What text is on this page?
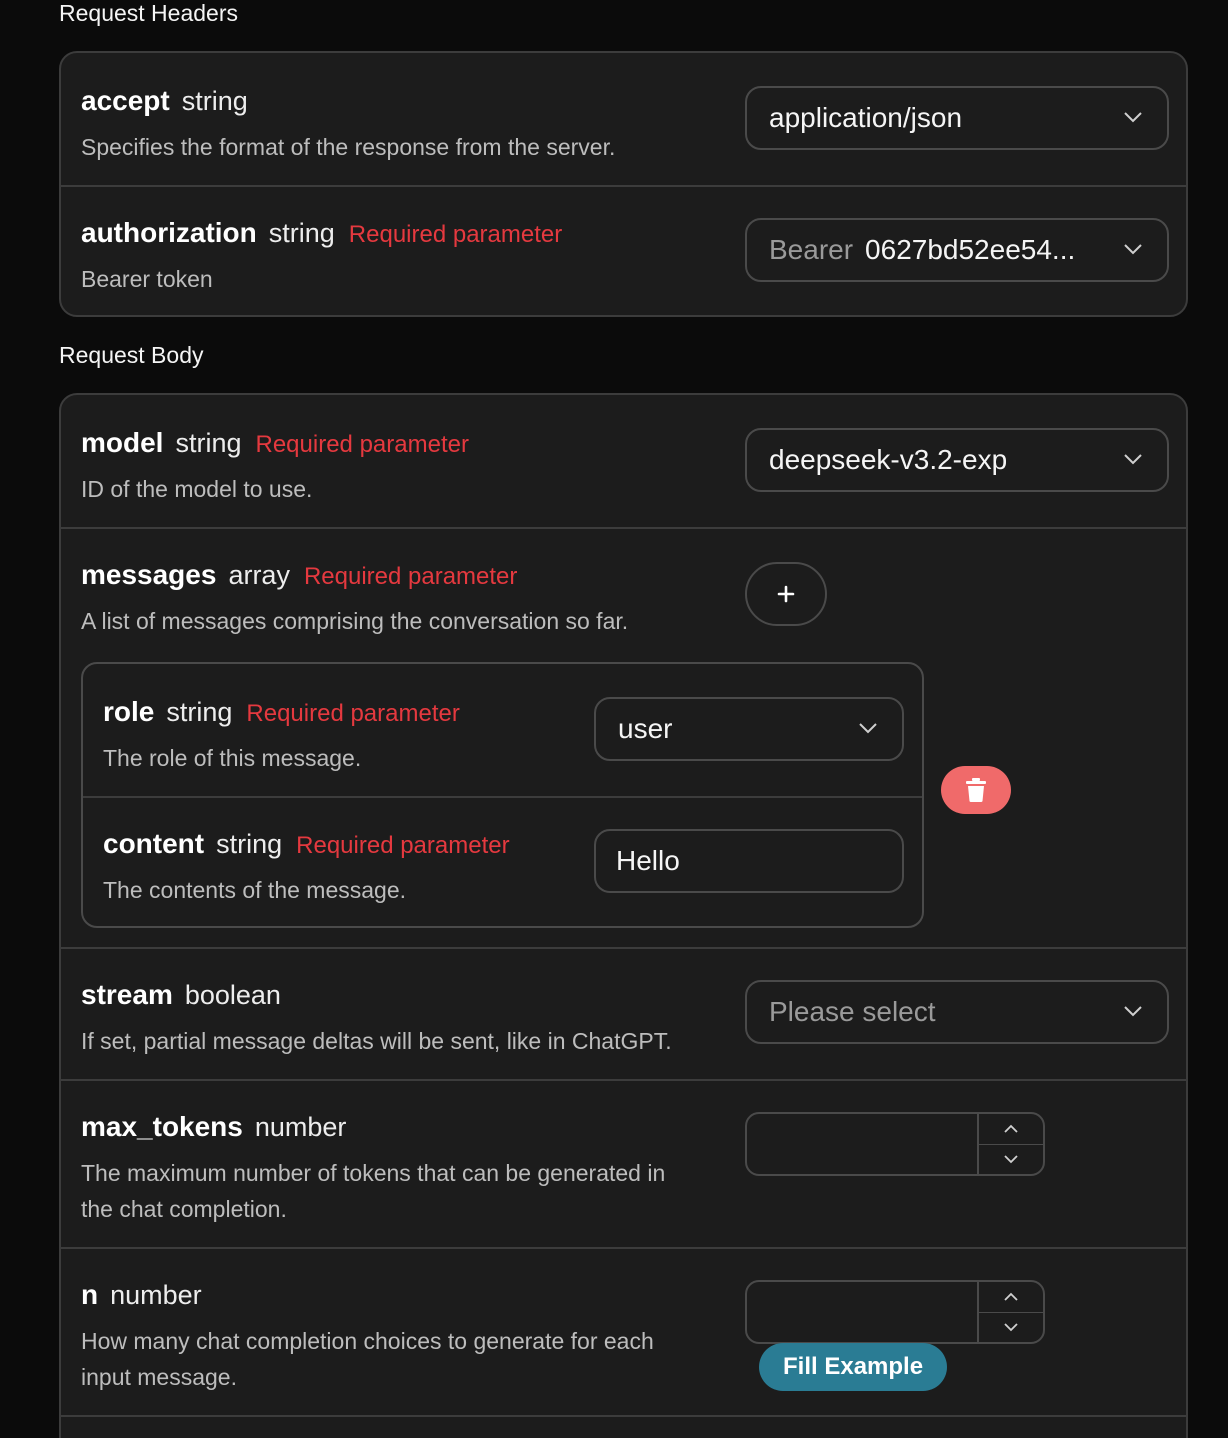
Request Headers
accept string
Specifies the format of the response from the server.
application/json
authorization string Required parameter
Bearer token
Bearer 0627bd52ee54...
Request Body
model string Required parameter
ID of the model to use.
deepseek-v3.2-exp
messages array Required parameter
A list of messages comprising the conversation so far.
role string Required parameter
The role of this message.
user
content string Required parameter
The contents of the message.
Hello
stream boolean
If set, partial message deltas will be sent, like in ChatGPT.
Please select
max_tokens number
The maximum number of tokens that can be generated in
the chat completion.
n number
How many chat completion choices to generate for each
input message.	Fill Example
